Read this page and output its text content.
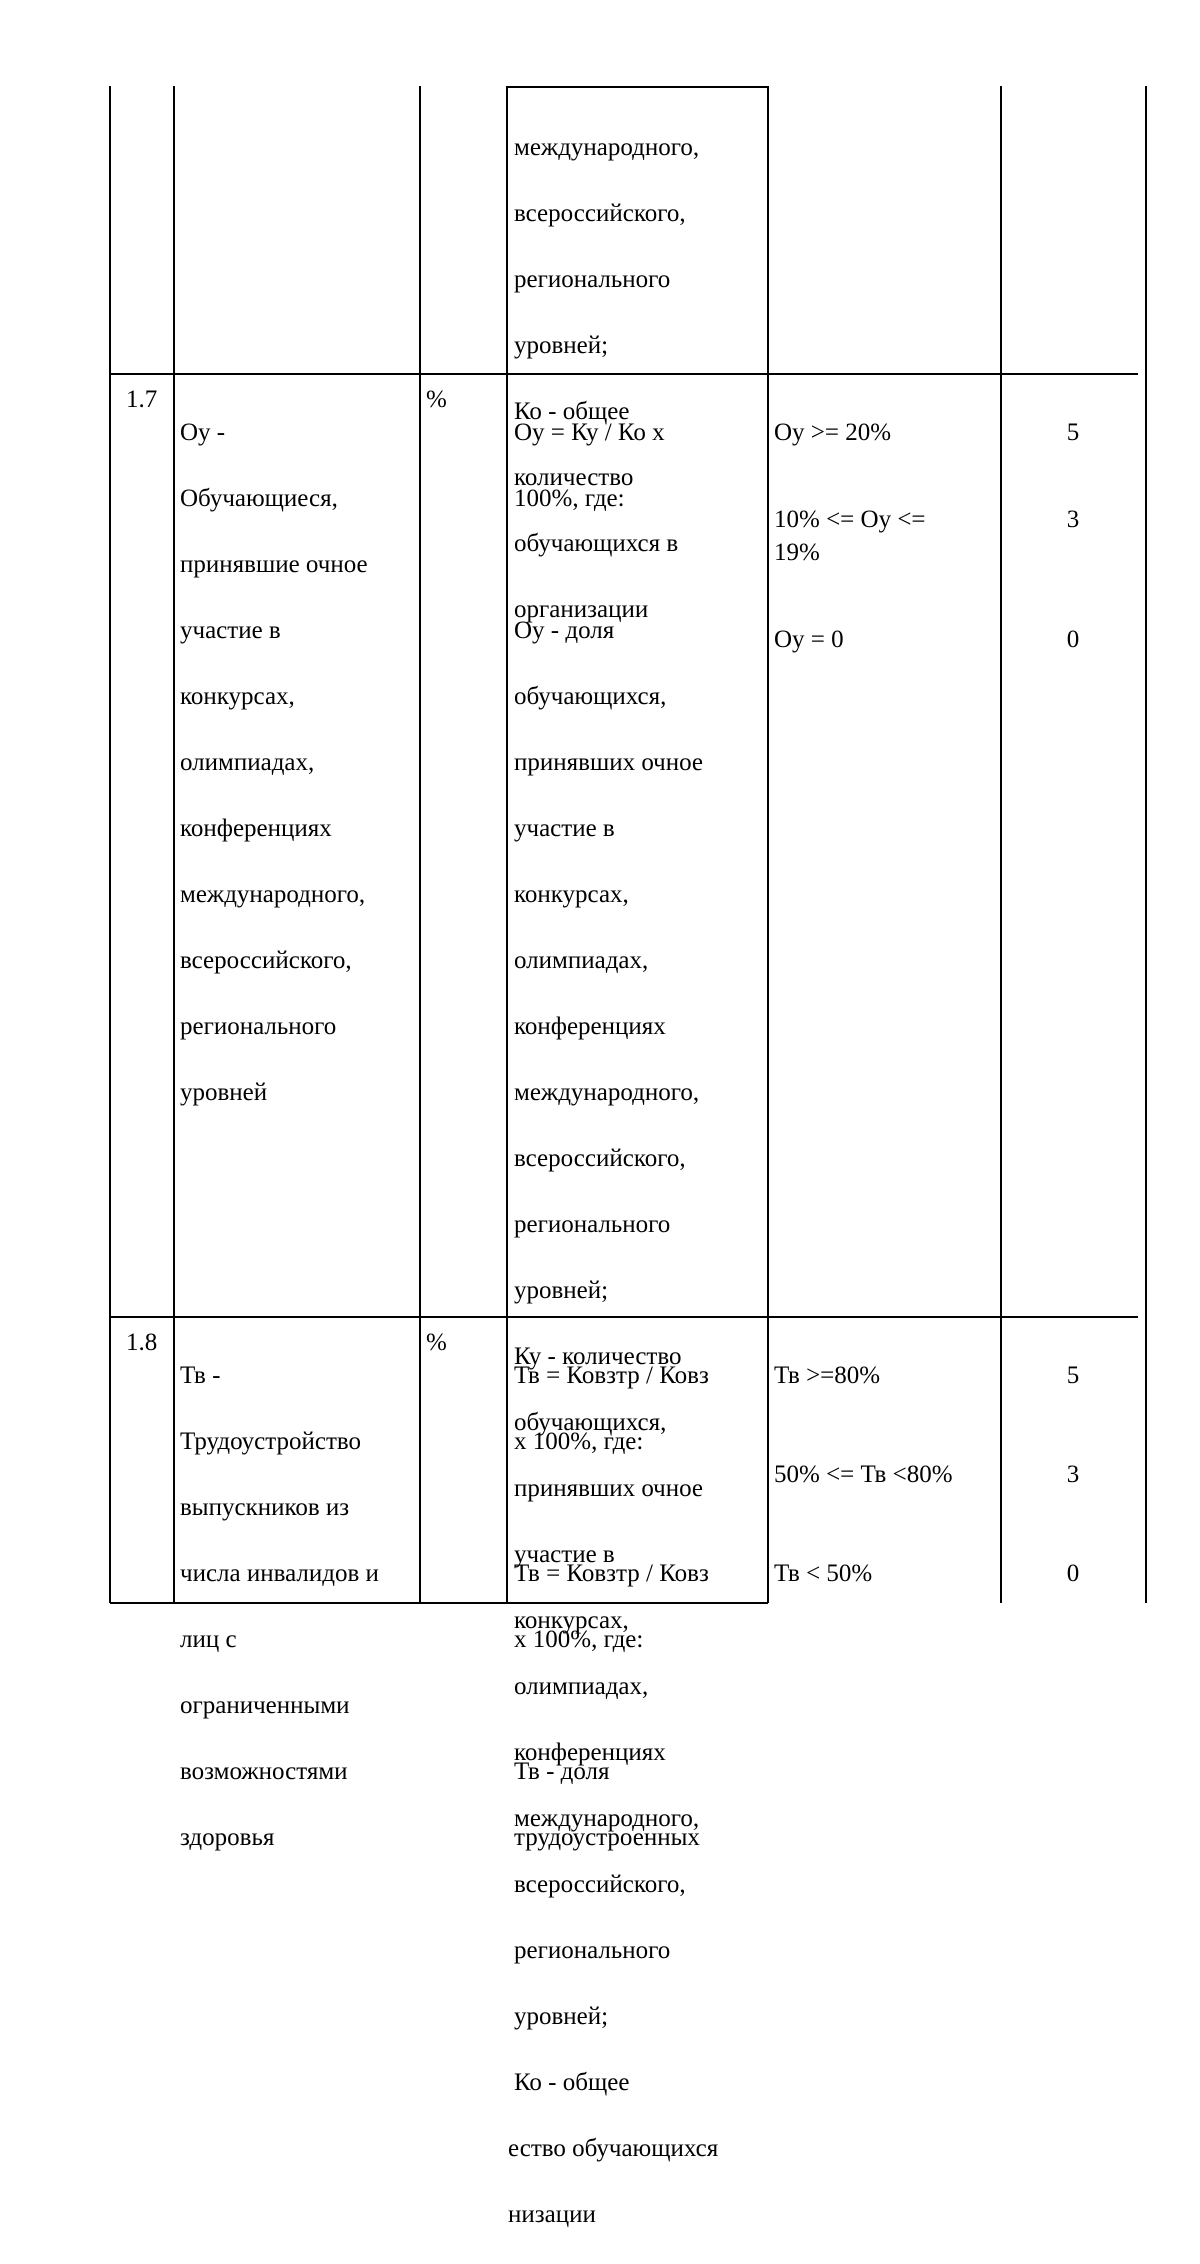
международного,

всероссийского,

регионального

уровней;

Ко - общее

количество

обучающихся в

организации

1.7

Оу -

Обучающиеся,

принявшие очное

участие в

конкурсах,

олимпиадах,

конференциях

международного,

всероссийского,

регионального

уровней

%

Оу = Ку / Ко х

100%, где:

Оу - доля

обучающихся,

принявших очное

участие в

конкурсах,

олимпиадах,

конференциях

международного,

всероссийского,

регионального

уровней;

Ку - количество

обучающихся,

принявших очное

участие в

конкурсах,

олимпиадах,

конференциях

международного,

всероссийского,

регионального

уровней;

Ко - общее

ество обучающихся

низации

Оу >= 20%

10% <= Оу <=
19%

Оу = 0

5

3

0

1.8

Тв -

Трудоустройство

выпускников из

числа инвалидов и

лиц с

ограниченными

возможностями

здоровья

%

Тв = Ковзтр / Ковз

х 100%, где:

Тв = Ковзтр / Ковз

х 100%, где:

Тв - доля

трудоустроенных

Тв >=80%

50% <= Тв <80%

Тв < 50%

5

3

0
